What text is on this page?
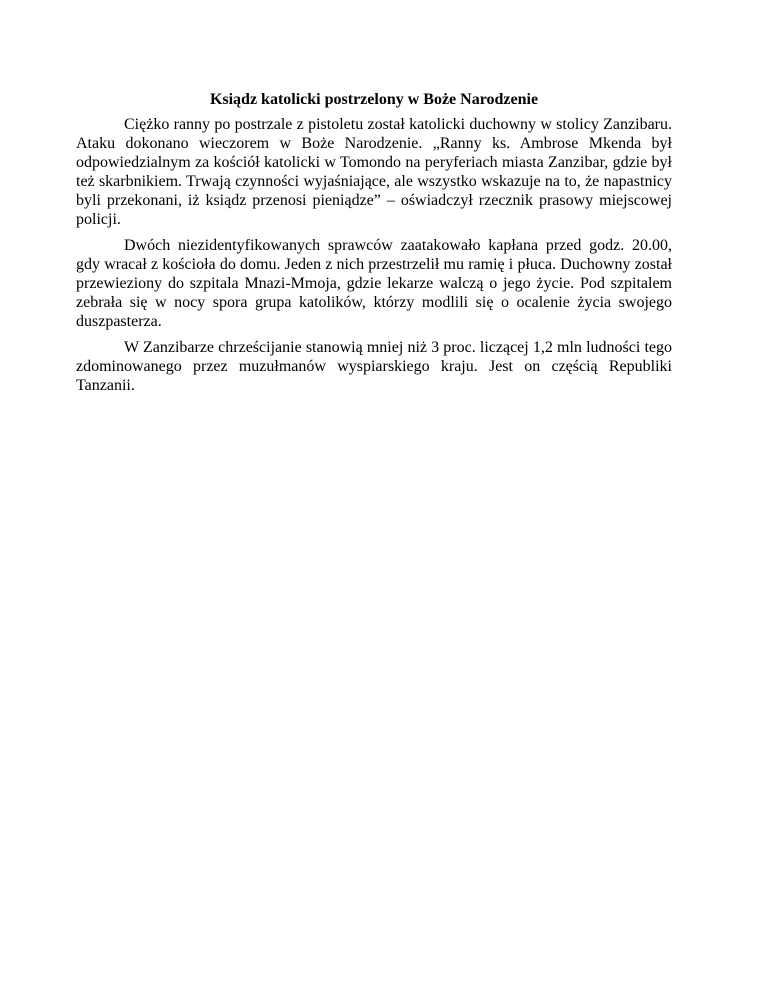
Ksiądz katolicki postrzelony w Boże Narodzenie

Ciężko ranny po postrzale z pistoletu został katolicki duchowny w stolicy Zanzibaru. Ataku dokonano wieczorem w Boże Narodzenie. „Ranny ks. Ambrose Mkenda był odpowiedzialnym za kościół katolicki w Tomondo na peryferiach miasta Zanzibar, gdzie był też skarbnikiem. Trwają czynności wyjaśniające, ale wszystko wskazuje na to, że napastnicy byli przekonani, iż ksiądz przenosi pieniądze” – oświadczył rzecznik prasowy miejscowej policji.

Dwóch niezidentyfikowanych sprawców zaatakowało kapłana przed godz. 20.00, gdy wracał z kościoła do domu. Jeden z nich przestrzelił mu ramię i płuca. Duchowny został przewieziony do szpitala Mnazi-Mmoja, gdzie lekarze walczą o jego życie. Pod szpitalem zebrała się w nocy spora grupa katolików, którzy modlili się o ocalenie życia swojego duszpasterza.

W Zanzibarze chrześcijanie stanowią mniej niż 3 proc. liczącej 1,2 mln ludności tego zdominowanego przez muzułmanów wyspiarskiego kraju. Jest on częścią Republiki Tanzanii.
